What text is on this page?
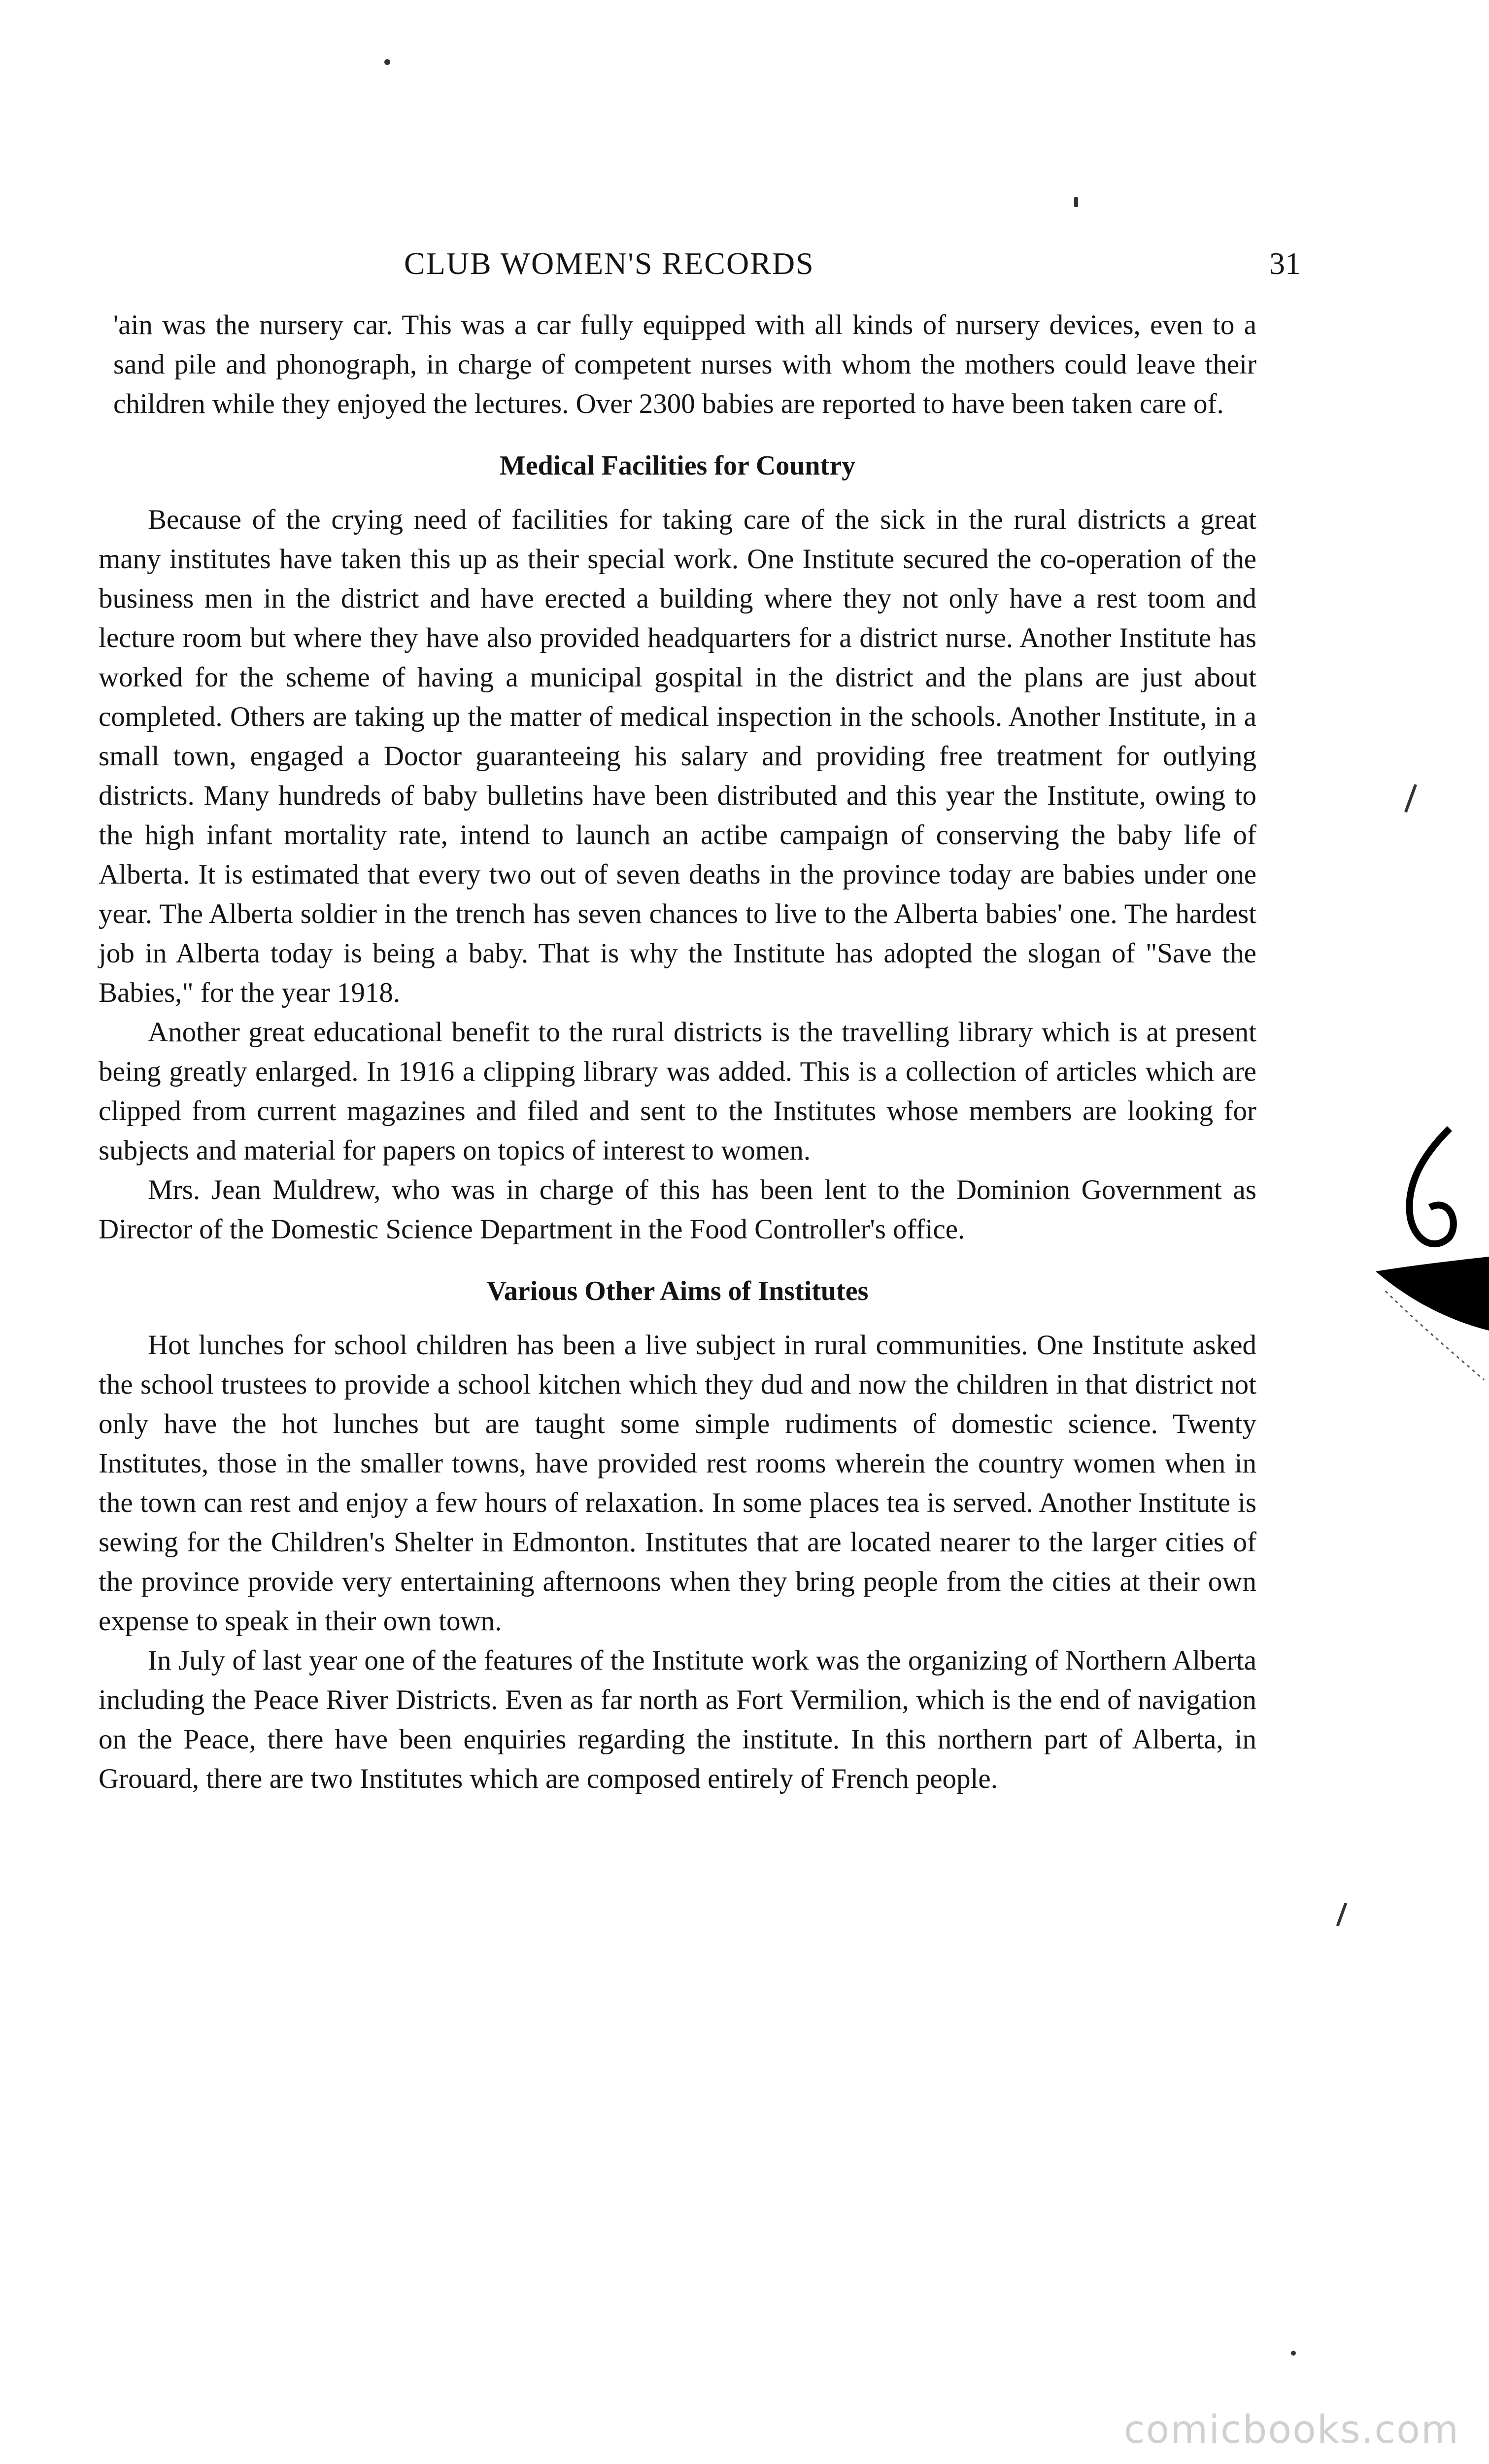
CLUB WOMEN'S RECORDS	31

'ain was the nursery car. This was a car fully equipped with all kinds of nursery devices, even to a sand pile and phonograph, in charge of competent nurses with whom the mothers could leave their children while they enjoyed the lectures. Over 2300 babies are reported to have been taken care of.

Medical Facilities for Country

Because of the crying need of facilities for taking care of the sick in the rural districts a great many institutes have taken this up as their special work. One Institute secured the co-operation of the business men in the district and have erected a building where they not only have a rest toom and lecture room but where they have also provided headquarters for a district nurse. Another Institute has worked for the scheme of having a municipal gospital in the district and the plans are just about completed. Others are taking up the matter of medical inspection in the schools. Another Institute, in a small town, engaged a Doctor guaranteeing his salary and providing free treatment for outlying districts. Many hundreds of baby bulletins have been distributed and this year the Institute, owing to the high infant mortality rate, intend to launch an actibe campaign of conserving the baby life of Alberta. It is estimated that every two out of seven deaths in the province today are babies under one year. The Alberta soldier in the trench has seven chances to live to the Alberta babies' one. The hardest job in Alberta today is being a baby. That is why the Institute has adopted the slogan of "Save the Babies," for the year 1918.

Another great educational benefit to the rural districts is the travelling library which is at present being greatly enlarged. In 1916 a clipping library was added. This is a collection of articles which are clipped from current magazines and filed and sent to the Institutes whose members are looking for subjects and material for papers on topics of interest to women.

Mrs. Jean Muldrew, who was in charge of this has been lent to the Dominion Government as Director of the Domestic Science Department in the Food Controller's office.

Various Other Aims of Institutes

Hot lunches for school children has been a live subject in rural communities. One Institute asked the school trustees to provide a school kitchen which they dud and now the children in that district not only have the hot lunches but are taught some simple rudiments of domestic science. Twenty Institutes, those in the smaller towns, have provided rest rooms wherein the country women when in the town can rest and enjoy a few hours of relaxation. In some places tea is served. Another Institute is sewing for the Children's Shelter in Edmonton. Institutes that are located nearer to the larger cities of the province provide very entertaining afternoons when they bring people from the cities at their own expense to speak in their own town.

In July of last year one of the features of the Institute work was the organizing of Northern Alberta including the Peace River Districts. Even as far north as Fort Vermilion, which is the end of navigation on the Peace, there have been enquiries regarding the institute. In this northern part of Alberta, in Grouard, there are two Institutes which are composed entirely of French people.

comicbooks.com
